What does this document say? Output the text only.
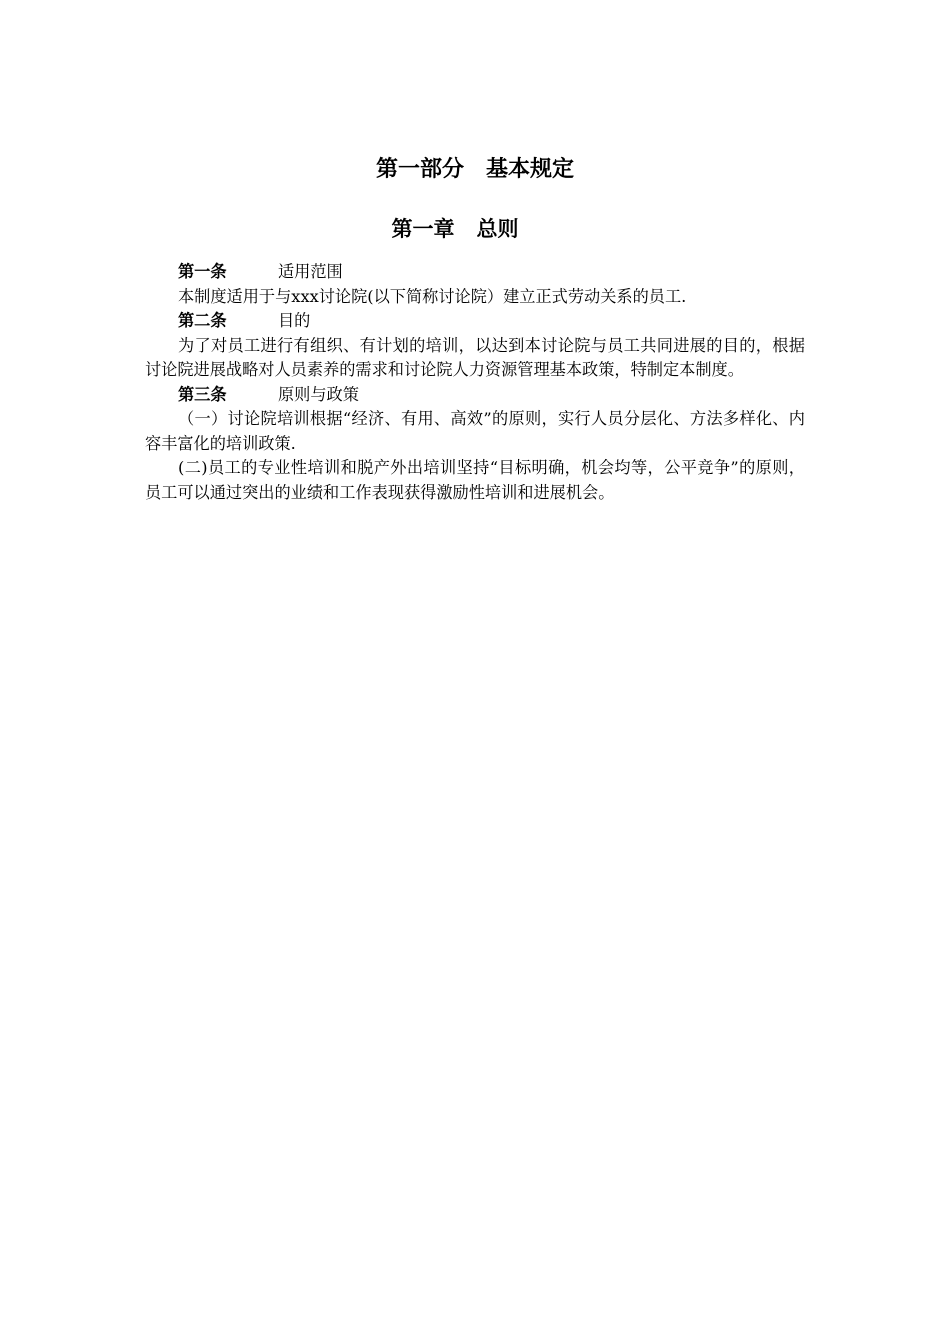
第一部分　基本规定
第一章   总则
第一条	适用范围

本制度适用于与xxx讨论院(以下简称讨论院）建立正式劳动关系的员工.

第二条	目的

为了对员工进行有组织、有计划的培训，以达到本讨论院与员工共同进展的目的，根据讨论院进展战略对人员素养的需求和讨论院人力资源管理基本政策，特制定本制度。

第三条	原则与政策

（一）讨论院培训根据“经济、有用、高效”的原则，实行人员分层化、方法多样化、内容丰富化的培训政策.

(二)员工的专业性培训和脱产外出培训坚持“目标明确，机会均等，公平竞争”的原则，员工可以通过突出的业绩和工作表现获得激励性培训和进展机会。
